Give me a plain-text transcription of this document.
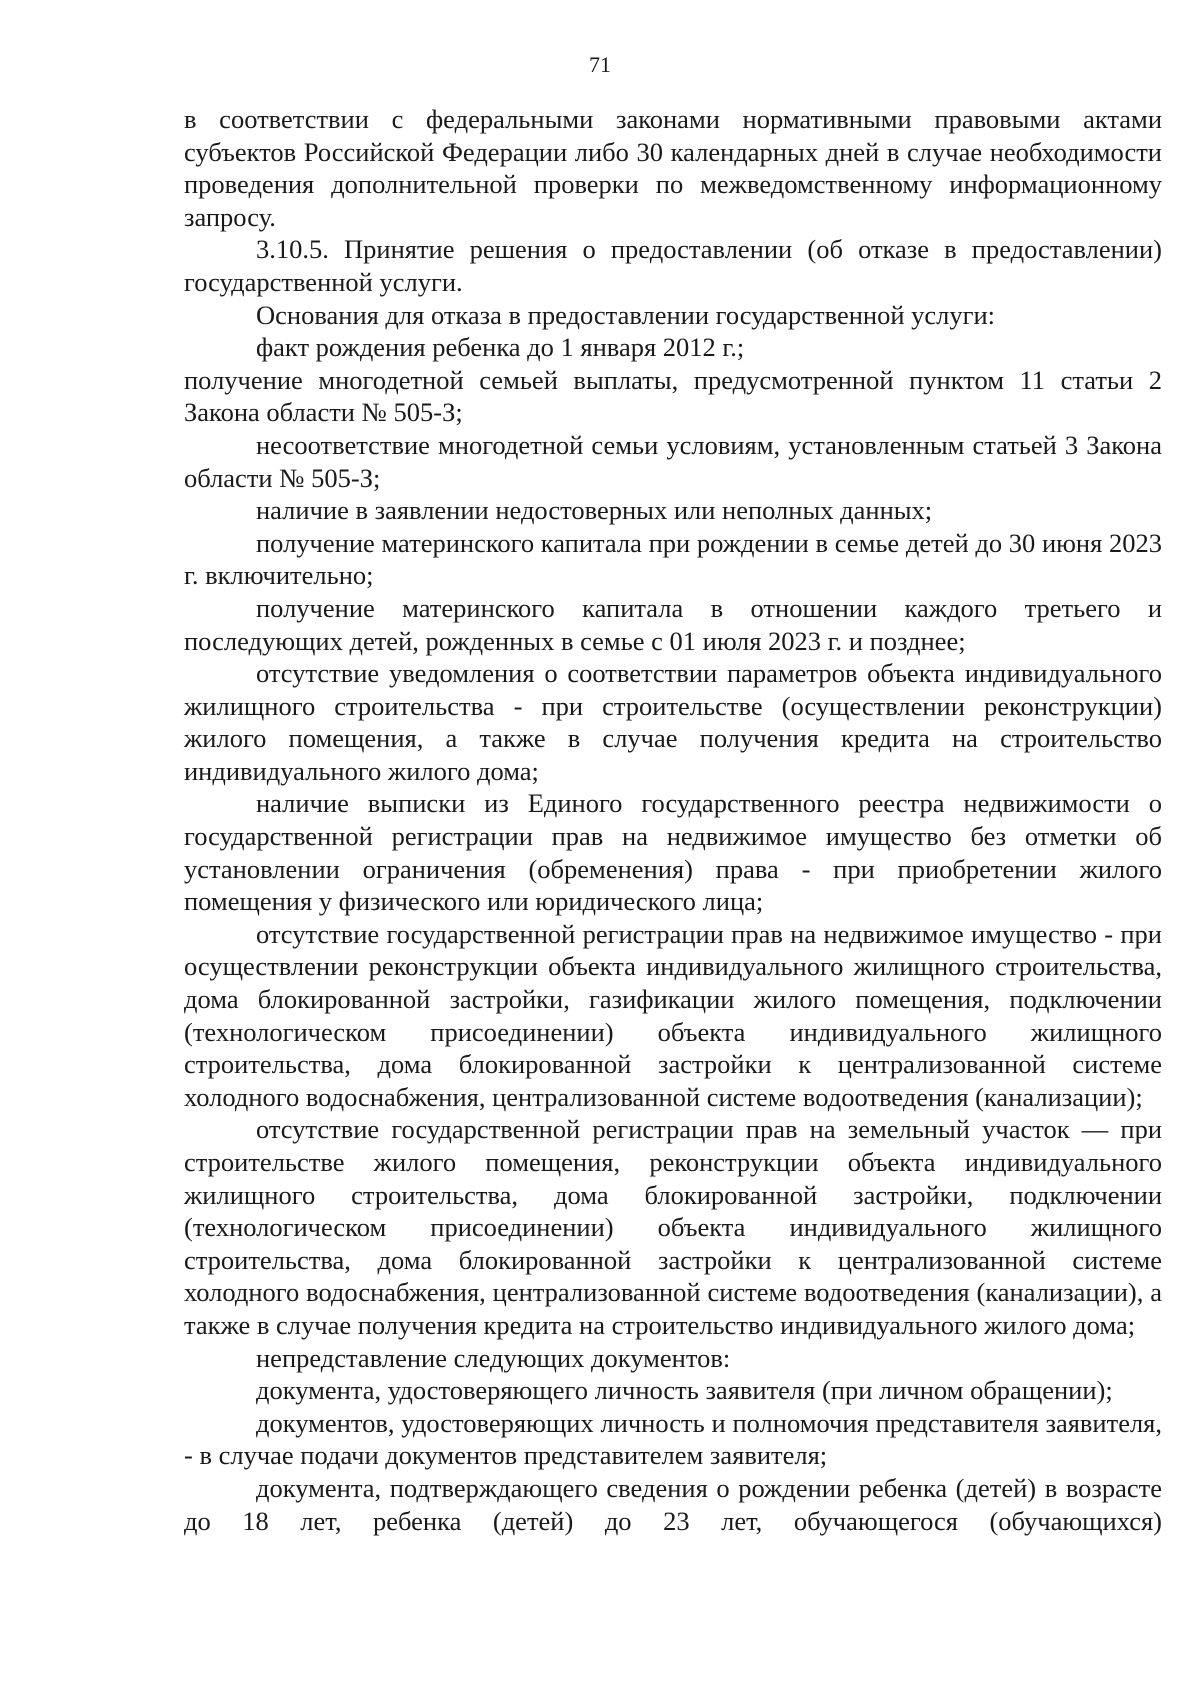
71

в соответствии с федеральными законами нормативными правовыми актами субъектов Российской Федерации либо 30 календарных дней в случае необходимости проведения дополнительной проверки по межведомственному информационному запросу.

3.10.5. Принятие решения о предоставлении (об отказе в предоставлении) государственной услуги.

Основания для отказа в предоставлении государственной услуги:

факт рождения ребенка до 1 января 2012 г.;

получение многодетной семьей выплаты, предусмотренной пунктом 11 статьи 2 Закона области № 505-З;

несоответствие многодетной семьи условиям, установленным статьей 3 Закона области № 505-З;

наличие в заявлении недостоверных или неполных данных;

получение материнского капитала при рождении в семье детей до 30 июня 2023 г. включительно;

получение материнского капитала в отношении каждого третьего и последующих детей, рожденных в семье с 01 июля 2023 г. и позднее;

отсутствие уведомления о соответствии параметров объекта индивидуального жилищного строительства - при строительстве (осуществлении реконструкции) жилого помещения, а также в случае получения кредита на строительство индивидуального жилого дома;

наличие выписки из Единого государственного реестра недвижимости о государственной регистрации прав на недвижимое имущество без отметки об установлении ограничения (обременения) права - при приобретении жилого помещения у физического или юридического лица;

отсутствие государственной регистрации прав на недвижимое имущество - при осуществлении реконструкции объекта индивидуального жилищного строительства, дома блокированной застройки, газификации жилого помещения, подключении (технологическом присоединении) объекта индивидуального жилищного строительства, дома блокированной застройки к централизованной системе холодного водоснабжения, централизованной системе водоотведения (канализации);

отсутствие государственной регистрации прав на земельный участок — при строительстве жилого помещения, реконструкции объекта индивидуального жилищного строительства, дома блокированной застройки, подключении (технологическом присоединении) объекта индивидуального жилищного строительства, дома блокированной застройки к централизованной системе холодного водоснабжения, централизованной системе водоотведения (канализации), а также в случае получения кредита на строительство индивидуального жилого дома;

непредставление следующих документов:

документа, удостоверяющего личность заявителя (при личном обращении);

документов, удостоверяющих личность и полномочия представителя заявителя, - в случае подачи документов представителем заявителя;

документа, подтверждающего сведения о рождении ребенка (детей) в возрасте до 18 лет, ребенка (детей) до 23 лет, обучающегося (обучающихся)
